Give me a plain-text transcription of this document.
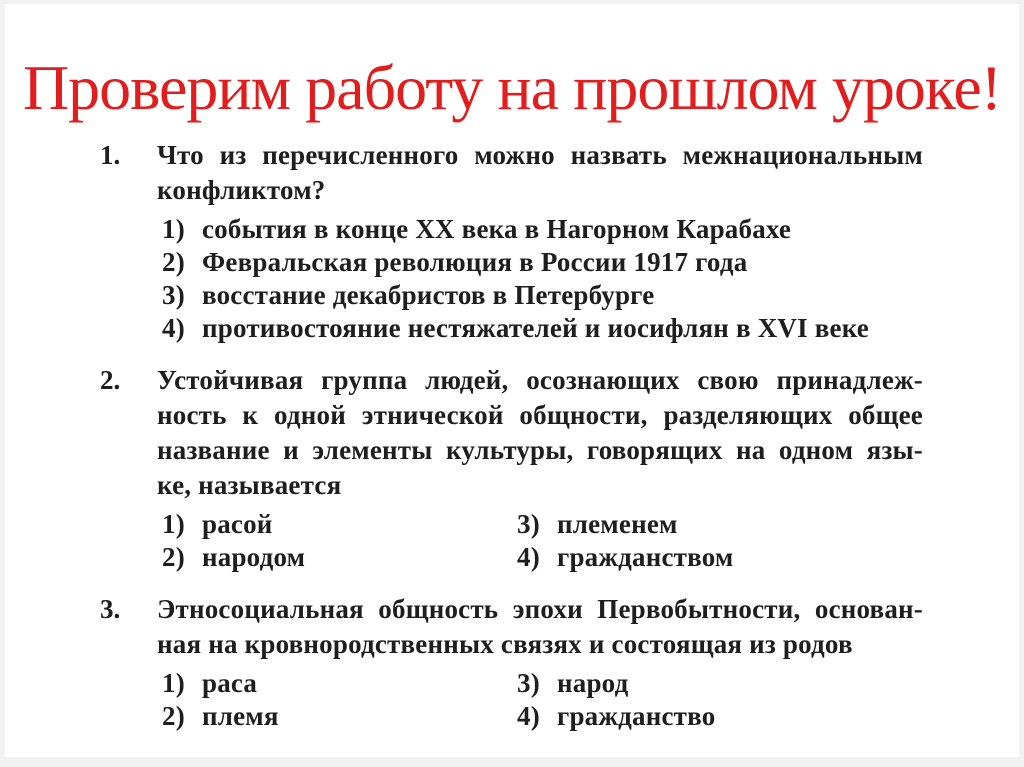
Проверим работу на прошлом уроке!
1.	Что из перечисленного можно назвать межнациональным
конфликтом?
1) события в конце XX века в Нагорном Карабахе
2) Февральская революция в России 1917 года
3) восстание декабристов в Петербурге
4) противостояние нестяжателей и иосифлян в XVI веке
2.	Устойчивая группа людей, осознающих свою принадлеж-
ность к одной этнической общности, разделяющих общее
название и элементы культуры, говорящих на одном язы-
ке, называется
1) расой
2) народом
3) племенем
4) гражданством
3.	Этносоциальная общность эпохи Первобытности, основан-
ная на кровнородственных связях и состоящая из родов
1) раса
2) племя
3) народ
4) гражданство
